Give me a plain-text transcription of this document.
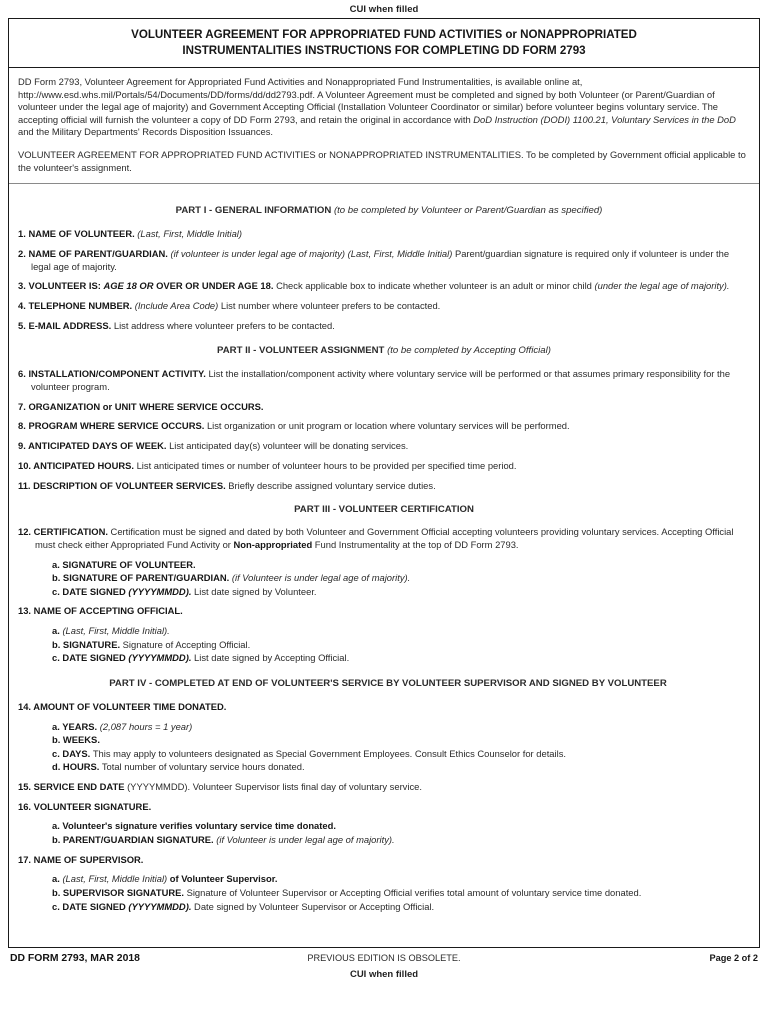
CUI when filled
VOLUNTEER AGREEMENT FOR APPROPRIATED FUND ACTIVITIES or NONAPPROPRIATED
INSTRUMENTALITIES INSTRUCTIONS FOR COMPLETING DD FORM 2793

DD Form 2793, Volunteer Agreement for Appropriated Fund Activities and Nonappropriated Fund Instrumentalities, is available online at, http://www.esd.whs.mil/Portals/54/Documents/DD/forms/dd/dd2793.pdf. A Volunteer Agreement must be completed and signed by both Volunteer (or Parent/Guardian of volunteer under the legal age of majority) and Government Accepting Official (Installation Volunteer Coordinator or similar) before volunteer begins voluntary service. The accepting official will furnish the volunteer a copy of DD Form 2793, and retain the original in accordance with DoD Instruction (DODI) 1100.21, Voluntary Services in the DoD and the Military Departments' Records Disposition Issuances.

VOLUNTEER AGREEMENT FOR APPROPRIATED FUND ACTIVITIES or NONAPPROPRIATED INSTRUMENTALITIES. To be completed by Government official applicable to the volunteer's assignment.

PART I - GENERAL INFORMATION (to be completed by Volunteer or Parent/Guardian as specified)

1. NAME OF VOLUNTEER. (Last, First, Middle Initial)

2. NAME OF PARENT/GUARDIAN. (if volunteer is under legal age of majority) (Last, First, Middle Initial) Parent/guardian signature is required only if volunteer is under the legal age of majority.

3. VOLUNTEER IS: AGE 18 OR OVER OR UNDER AGE 18. Check applicable box to indicate whether volunteer is an adult or minor child (under the legal age of majority).

4. TELEPHONE NUMBER. (Include Area Code) List number where volunteer prefers to be contacted.

5. E-MAIL ADDRESS. List address where volunteer prefers to be contacted.

PART II - VOLUNTEER ASSIGNMENT (to be completed by Accepting Official)

6. INSTALLATION/COMPONENT ACTIVITY. List the installation/component activity where voluntary service will be performed or that assumes primary responsibility for the volunteer program.

7. ORGANIZATION or UNIT WHERE SERVICE OCCURS.

8. PROGRAM WHERE SERVICE OCCURS. List organization or unit program or location where voluntary services will be performed.

9. ANTICIPATED DAYS OF WEEK. List anticipated day(s) volunteer will be donating services.

10. ANTICIPATED HOURS. List anticipated times or number of volunteer hours to be provided per specified time period.

11. DESCRIPTION OF VOLUNTEER SERVICES. Briefly describe assigned voluntary service duties.

PART III - VOLUNTEER CERTIFICATION

12. CERTIFICATION. Certification must be signed and dated by both Volunteer and Government Official accepting volunteers providing voluntary services. Accepting Official must check either Appropriated Fund Activity or Non-appropriated Fund Instrumentality at the top of DD Form 2793.

a. SIGNATURE OF VOLUNTEER.

b. SIGNATURE OF PARENT/GUARDIAN. (if Volunteer is under legal age of majority).

c. DATE SIGNED (YYYYMMDD). List date signed by Volunteer.

13. NAME OF ACCEPTING OFFICIAL.

a. (Last, First, Middle Initial).

b. SIGNATURE. Signature of Accepting Official.

c. DATE SIGNED (YYYYMMDD). List date signed by Accepting Official.

PART IV - COMPLETED AT END OF VOLUNTEER'S SERVICE BY VOLUNTEER SUPERVISOR AND SIGNED BY VOLUNTEER

14. AMOUNT OF VOLUNTEER TIME DONATED.

a. YEARS. (2,087 hours = 1 year)

b. WEEKS.

c. DAYS. This may apply to volunteers designated as Special Government Employees. Consult Ethics Counselor for details.

d. HOURS. Total number of voluntary service hours donated.

15. SERVICE END DATE (YYYYMMDD). Volunteer Supervisor lists final day of voluntary service.

16. VOLUNTEER SIGNATURE.

a. Volunteer's signature verifies voluntary service time donated.

b. PARENT/GUARDIAN SIGNATURE. (if Volunteer is under legal age of majority).

17. NAME OF SUPERVISOR.

a. (Last, First, Middle Initial) of Volunteer Supervisor.

b. SUPERVISOR SIGNATURE. Signature of Volunteer Supervisor or Accepting Official verifies total amount of voluntary service time donated.

c. DATE SIGNED (YYYYMMDD). Date signed by Volunteer Supervisor or Accepting Official.

DD FORM 2793, MAR 2018	PREVIOUS EDITION IS OBSOLETE.	Page 2 of 2
CUI when filled
